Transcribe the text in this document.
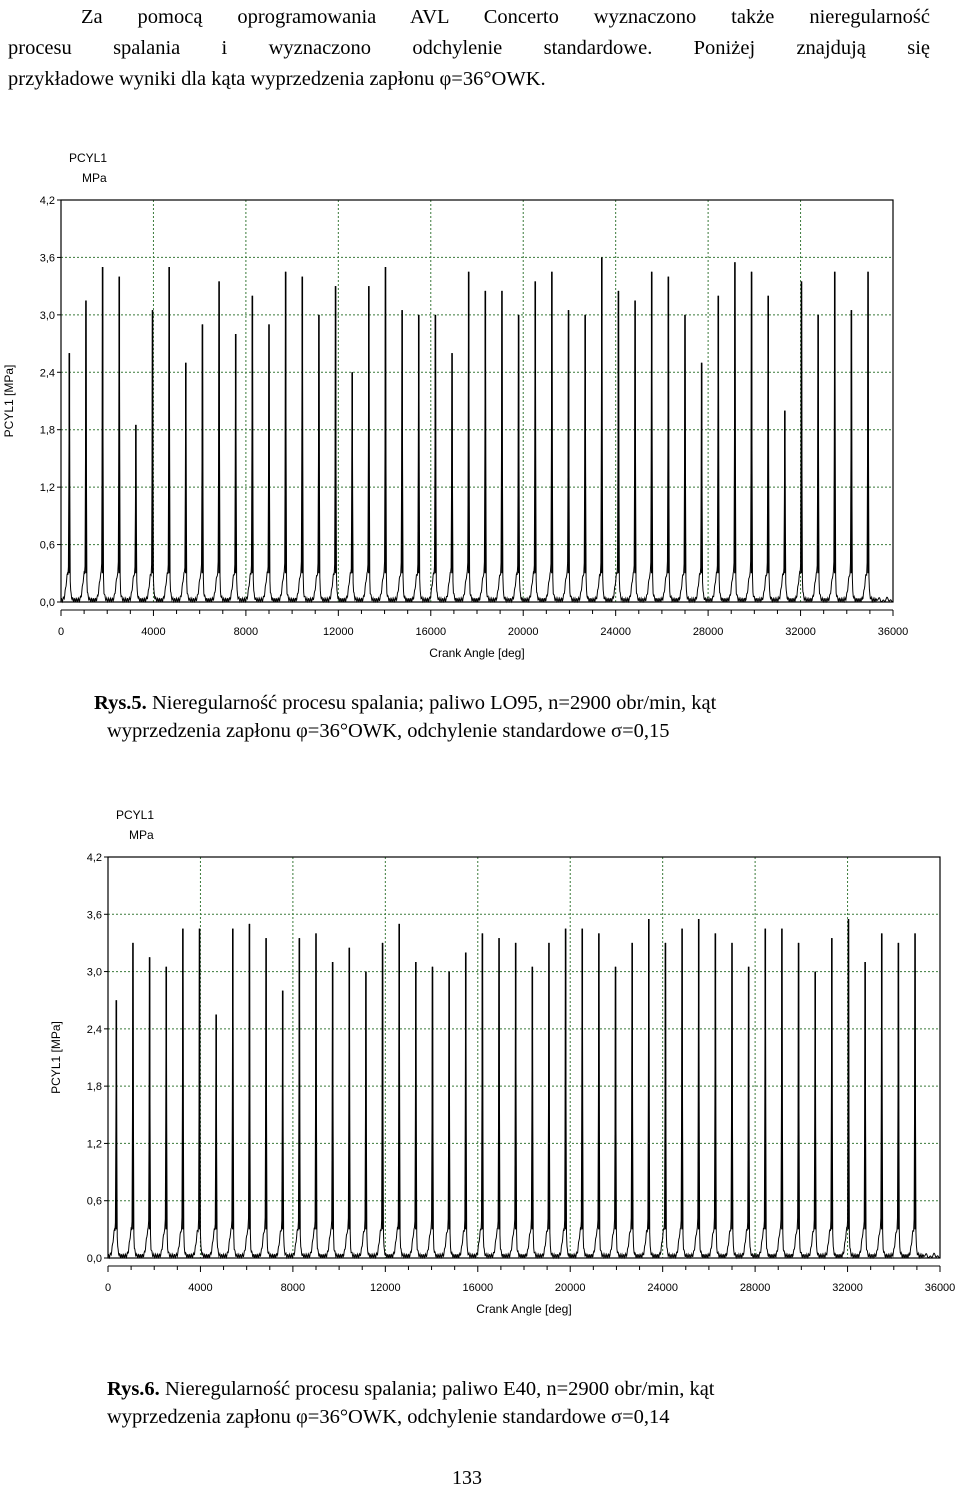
Za pomocą oprogramowania AVL Concerto wyznaczono także nieregularność

procesu spalania i wyznaczono odchylenie standardowe. Poniżej znajdują się

przykładowe wyniki dla kąta wyprzedzenia zapłonu φ=36°OWK.

0,0
0,6
1,2
1,8
2,4
3,0
3,6
4,2
0	4000	8000	12000	16000	20000	24000	28000	32000	36000
Crank Angle [deg]
PCYL1 [MPa]
PCYL1
MPa
Rys.5. Nieregularność procesu spalania; paliwo LO95, n=2900 obr/min, kąt
wyprzedzenia zapłonu φ=36°OWK, odchylenie standardowe σ=0,15
0,0
0,6
1,2
1,8
2,4
3,0
3,6
4,2
0	4000	8000	12000	16000	20000	24000	28000	32000	36000
Crank Angle [deg]
PCYL1 [MPa]
PCYL1
MPa
Rys.6. Nieregularność procesu spalania; paliwo E40, n=2900 obr/min, kąt
wyprzedzenia zapłonu φ=36°OWK, odchylenie standardowe σ=0,14
133
